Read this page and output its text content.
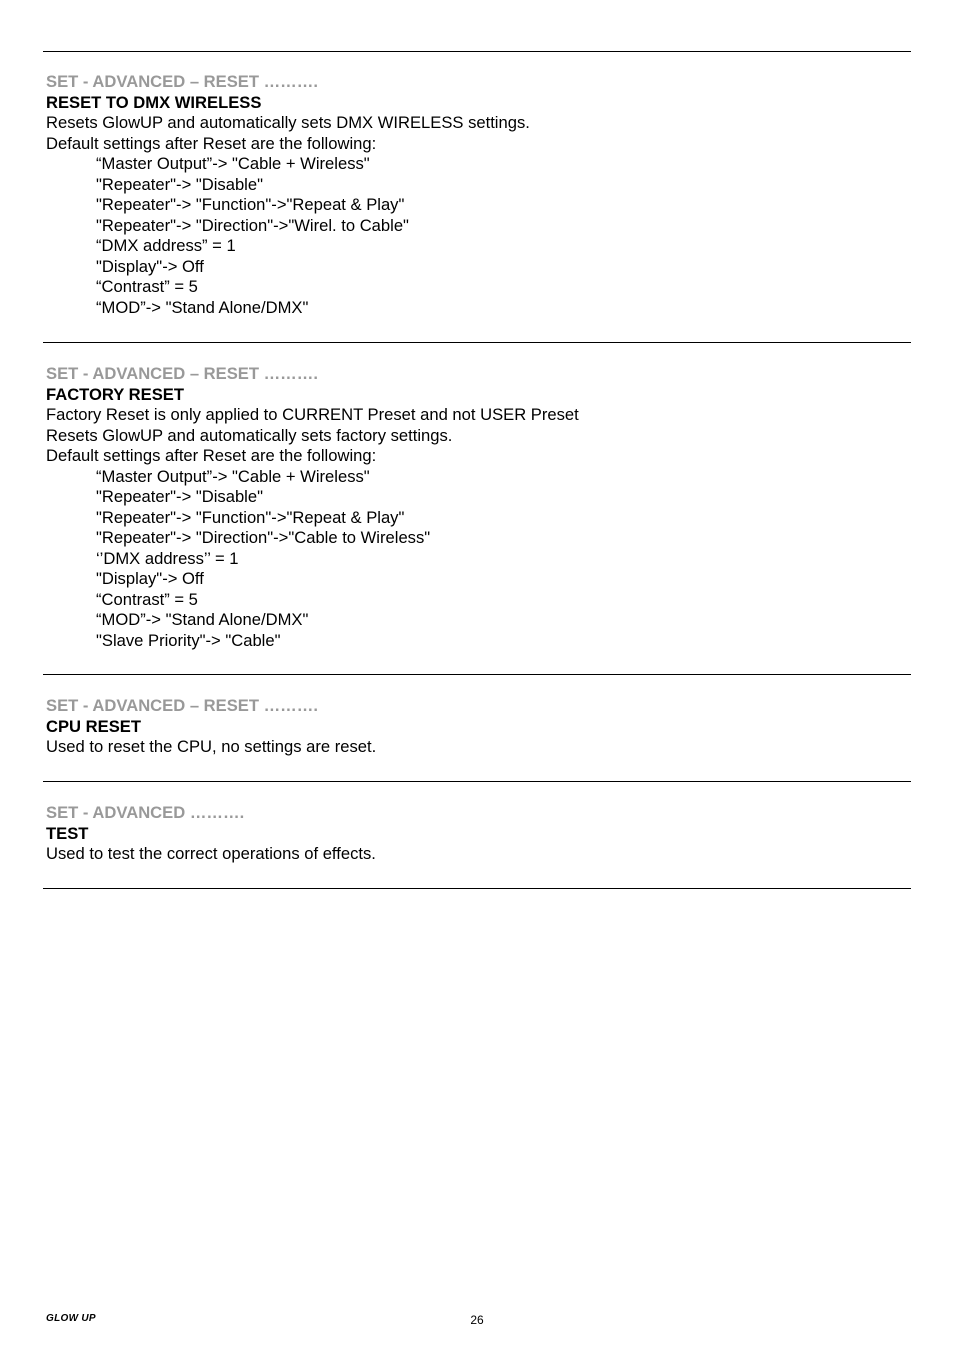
SET - ADVANCED – RESET ……….
RESET TO DMX WIRELESS
Resets GlowUP and automatically sets DMX WIRELESS settings.
Default settings after Reset are the following:
“Master Output”-> "Cable + Wireless"
"Repeater"-> "Disable"
"Repeater"-> "Function"->"Repeat & Play"
"Repeater"-> "Direction"->"Wirel. to Cable"
“DMX address” = 1
"Display"-> Off
“Contrast” = 5
“MOD”-> "Stand Alone/DMX"
SET - ADVANCED – RESET ……….
FACTORY RESET
Factory Reset is only applied to CURRENT Preset and not USER Preset
Resets GlowUP and automatically sets factory settings.
Default settings after Reset are the following:
“Master Output”-> "Cable + Wireless"
"Repeater"-> "Disable"
"Repeater"-> "Function"->"Repeat & Play"
"Repeater"-> "Direction"->"Cable to Wireless"
‘’DMX address’’ = 1
"Display"-> Off
“Contrast” = 5
“MOD”-> "Stand Alone/DMX"
"Slave Priority"-> "Cable"
SET - ADVANCED – RESET ……….
CPU RESET
Used to reset the CPU, no settings are reset.
SET - ADVANCED ……….
TEST
Used to test the correct operations of effects.
GLOW UP	26
